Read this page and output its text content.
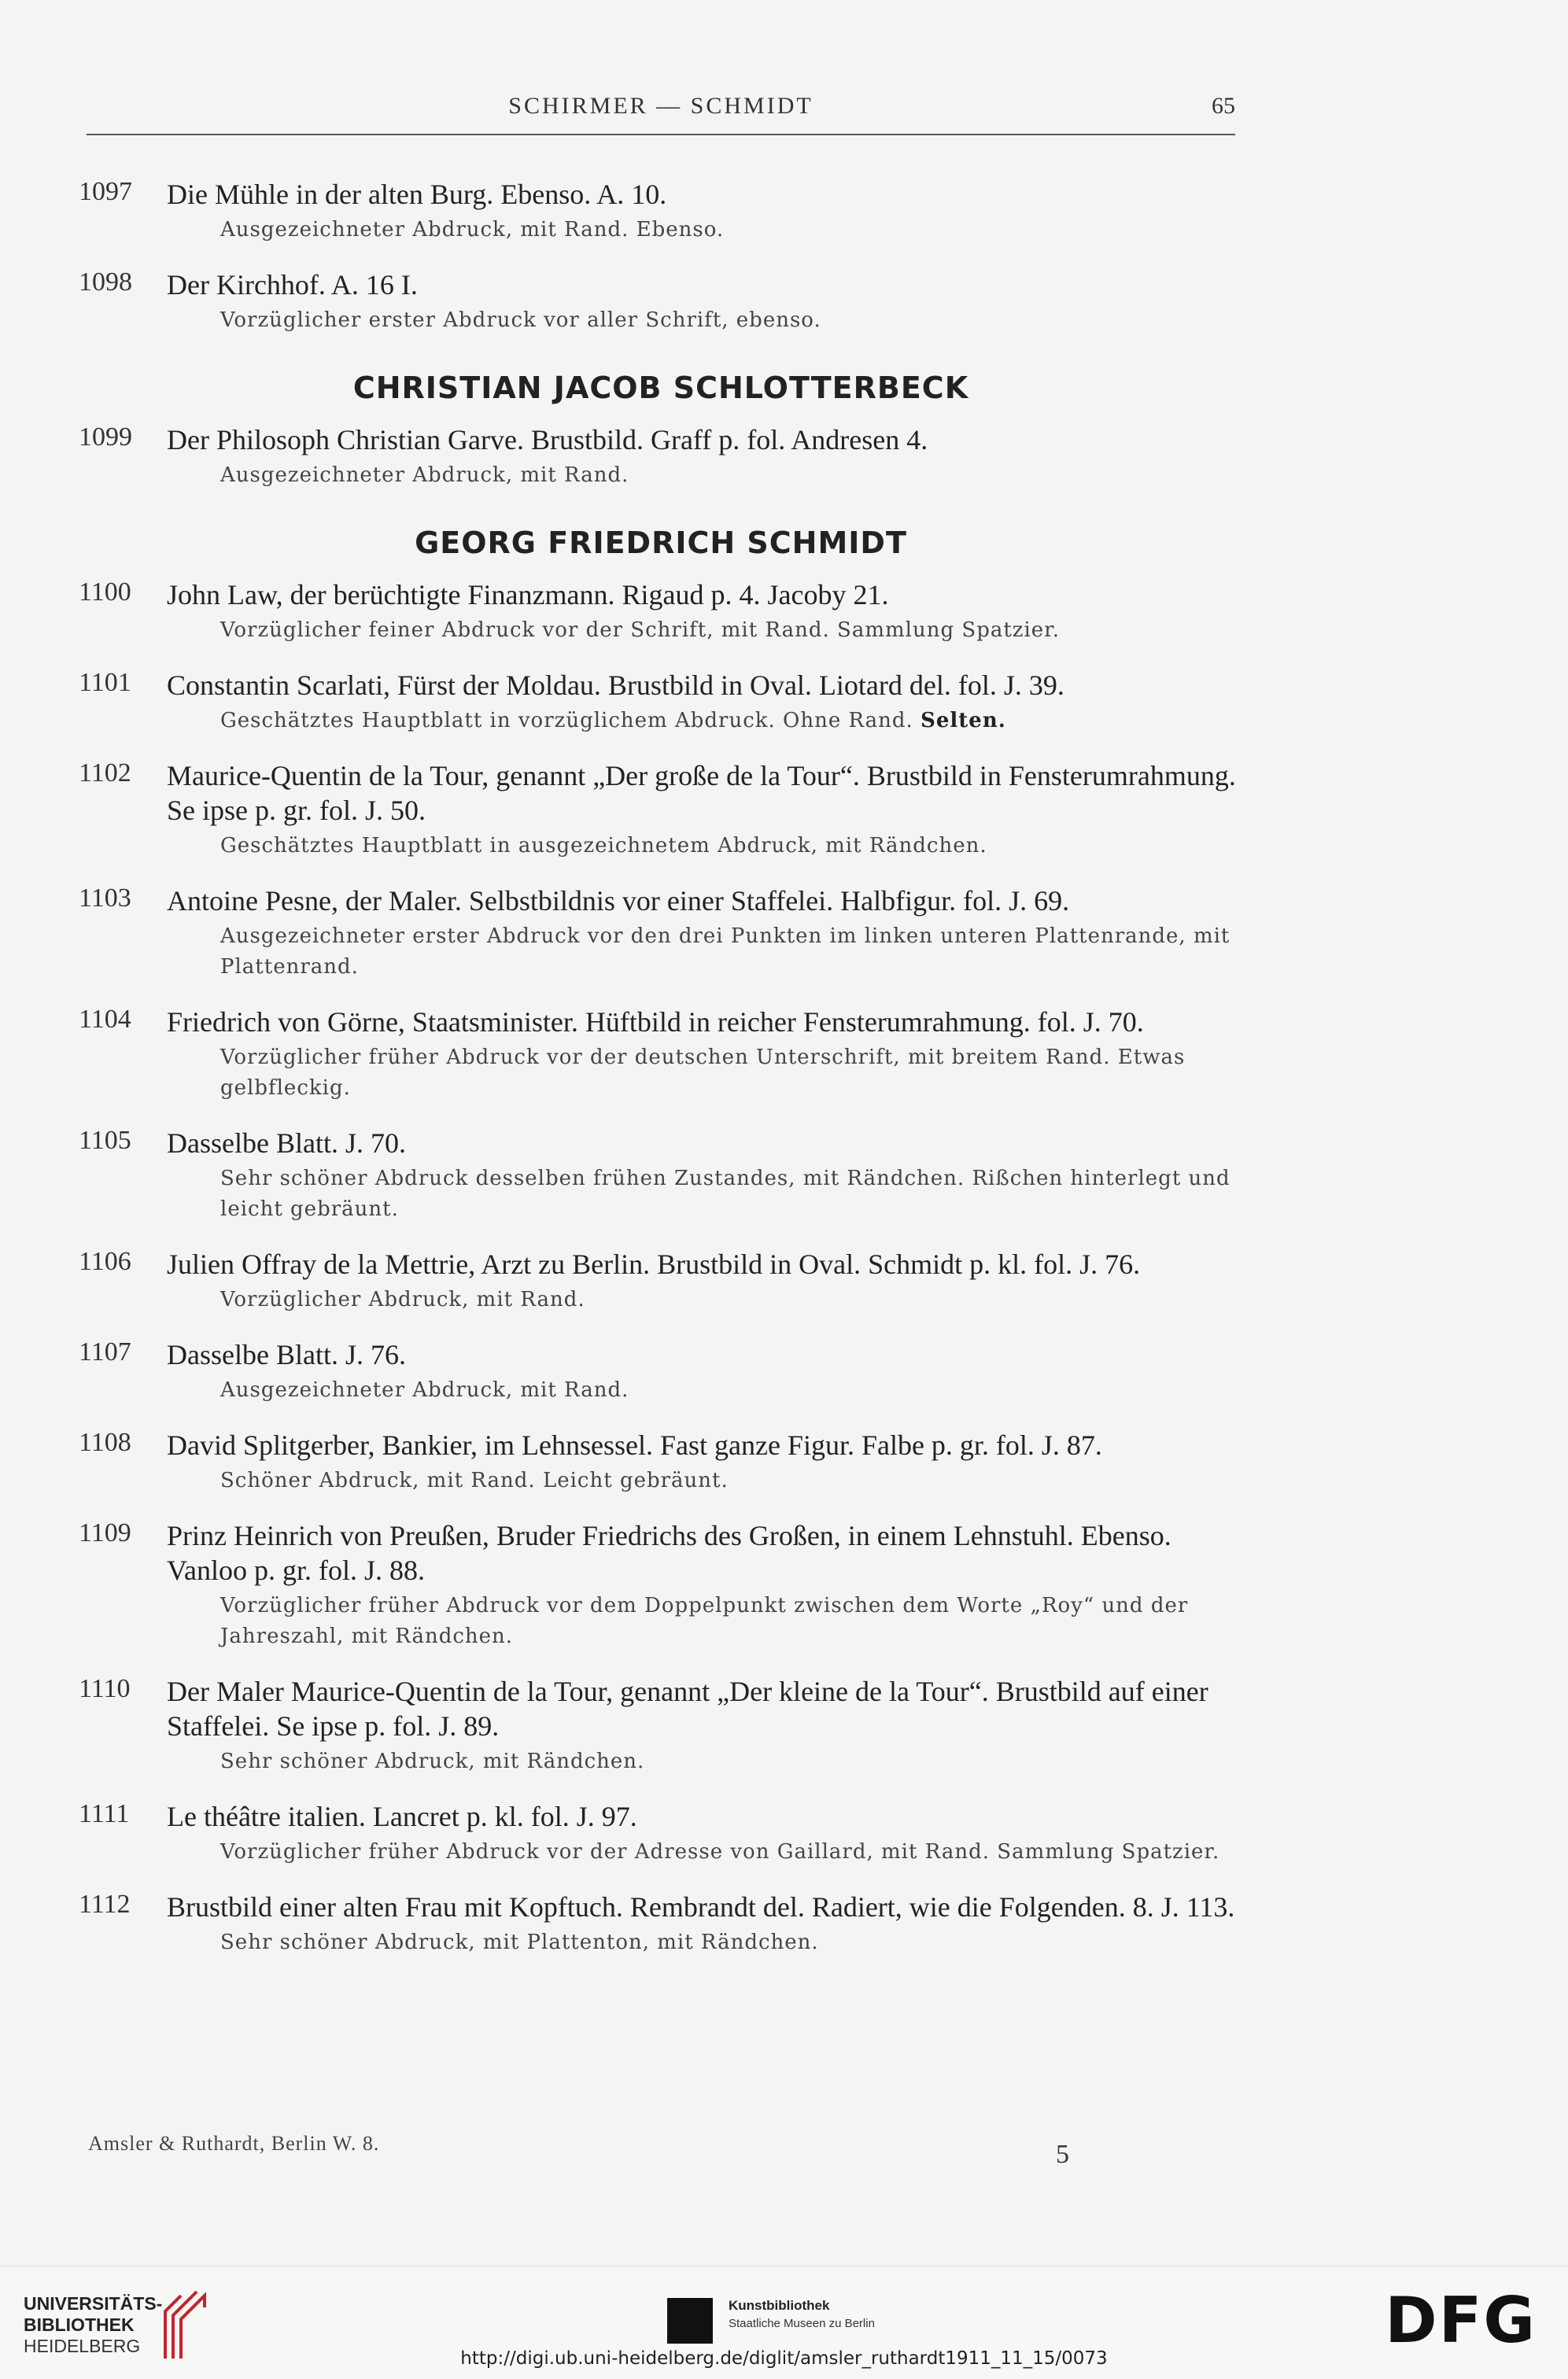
SCHIRMER — SCHMIDT	65
1097 Die Mühle in der alten Burg. Ebenso. A. 10.
Ausgezeichneter Abdruck, mit Rand. Ebenso.
1098 Der Kirchhof. A. 16 I.
Vorzüglicher erster Abdruck vor aller Schrift, ebenso.
CHRISTIAN JACOB SCHLOTTERBECK
1099 Der Philosoph Christian Garve. Brustbild. Graff p. fol. Andresen 4.
Ausgezeichneter Abdruck, mit Rand.
GEORG FRIEDRICH SCHMIDT
1100 John Law, der berüchtigte Finanzmann. Rigaud p. 4. Jacoby 21.
Vorzüglicher feiner Abdruck vor der Schrift, mit Rand. Sammlung Spatzier.
1101 Constantin Scarlati, Fürst der Moldau. Brustbild in Oval. Liotard del. fol. J. 39.
Geschätztes Hauptblatt in vorzüglichem Abdruck. Ohne Rand. Selten.
1102 Maurice-Quentin de la Tour, genannt „Der große de la Tour“. Brustbild in Fensterumrahmung. Se ipse p. gr. fol. J. 50.
Geschätztes Hauptblatt in ausgezeichnetem Abdruck, mit Rändchen.
1103 Antoine Pesne, der Maler. Selbstbildnis vor einer Staffelei. Halbfigur. fol. J. 69.
Ausgezeichneter erster Abdruck vor den drei Punkten im linken unteren Plattenrande, mit Plattenrand.
1104 Friedrich von Görne, Staatsminister. Hüftbild in reicher Fensterumrahmung. fol. J. 70.
Vorzüglicher früher Abdruck vor der deutschen Unterschrift, mit breitem Rand. Etwas gelbfleckig.
1105 Dasselbe Blatt. J. 70.
Sehr schöner Abdruck desselben frühen Zustandes, mit Rändchen. Rißchen hinterlegt und leicht gebräunt.
1106 Julien Offray de la Mettrie, Arzt zu Berlin. Brustbild in Oval. Schmidt p. kl. fol. J. 76.
Vorzüglicher Abdruck, mit Rand.
1107 Dasselbe Blatt. J. 76.
Ausgezeichneter Abdruck, mit Rand.
1108 David Splitgerber, Bankier, im Lehnsessel. Fast ganze Figur. Falbe p. gr. fol. J. 87.
Schöner Abdruck, mit Rand. Leicht gebräunt.
1109 Prinz Heinrich von Preußen, Bruder Friedrichs des Großen, in einem Lehnstuhl. Ebenso. Vanloo p. gr. fol. J. 88.
Vorzüglicher früher Abdruck vor dem Doppelpunkt zwischen dem Worte „Roy“ und der Jahreszahl, mit Rändchen.
1110 Der Maler Maurice-Quentin de la Tour, genannt „Der kleine de la Tour“. Brustbild auf einer Staffelei. Se ipse p. fol. J. 89.
Sehr schöner Abdruck, mit Rändchen.
1111 Le théâtre italien. Lancret p. kl. fol. J. 97.
Vorzüglicher früher Abdruck vor der Adresse von Gaillard, mit Rand. Sammlung Spatzier.
1112 Brustbild einer alten Frau mit Kopftuch. Rembrandt del. Radiert, wie die Folgenden. 8. J. 113.
Sehr schöner Abdruck, mit Plattenton, mit Rändchen.
Amsler & Ruthardt, Berlin W. 8.	5
UNIVERSITÄTS-
BIBLIOTHEK
HEIDELBERG
Kunstbibliothek
Staatliche Museen zu Berlin	DFG
http://digi.ub.uni-heidelberg.de/diglit/amsler_ruthardt1911_11_15/0073
